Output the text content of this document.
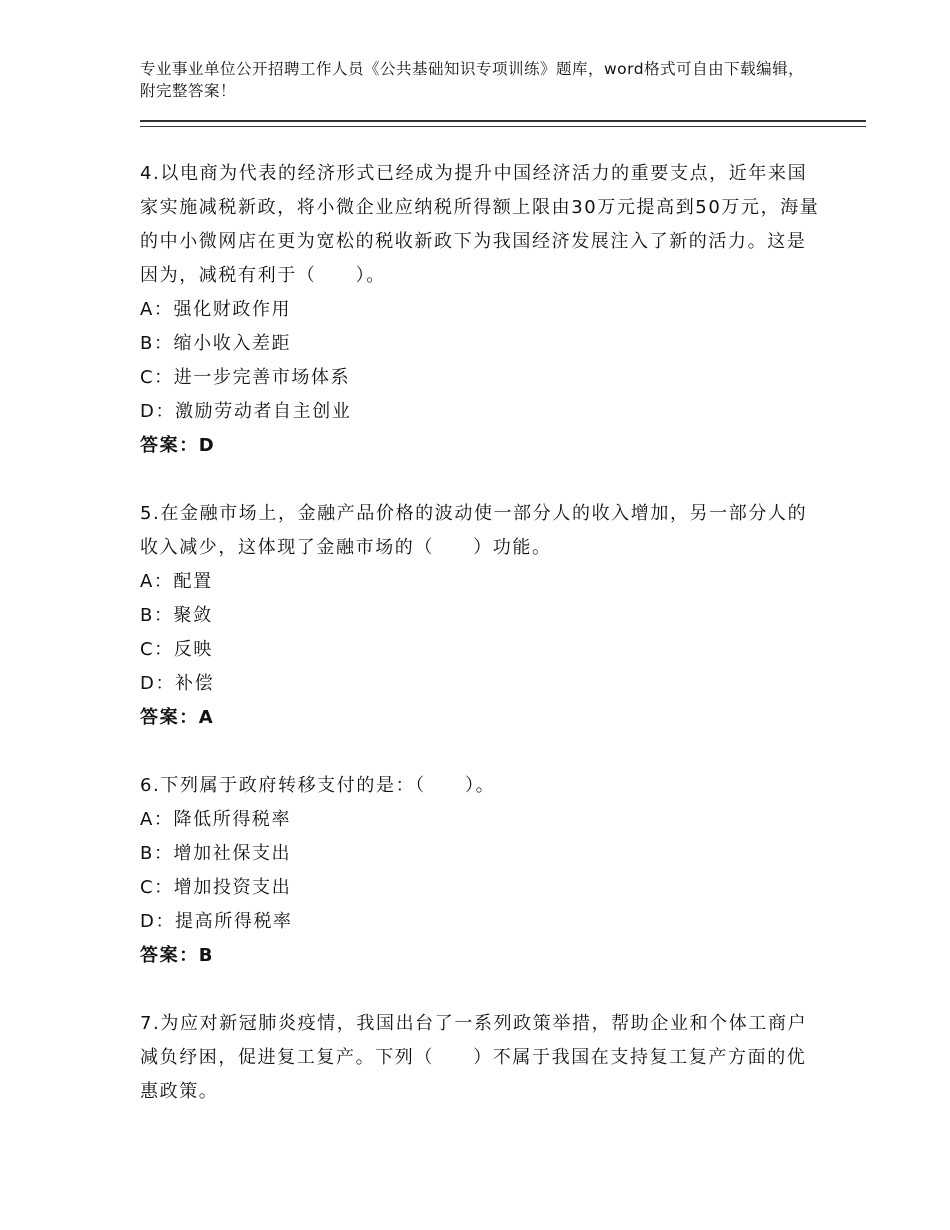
专业事业单位公开招聘工作人员《公共基础知识专项训练》题库，word格式可自由下载编辑，附完整答案！
4.以电商为代表的经济形式已经成为提升中国经济活力的重要支点，近年来国家实施减税新政，将小微企业应纳税所得额上限由30万元提高到50万元，海量的中小微网店在更为宽松的税收新政下为我国经济发展注入了新的活力。这是因为，减税有利于（　　）。
A：强化财政作用
B：缩小收入差距
C：进一步完善市场体系
D：激励劳动者自主创业
答案：D
5.在金融市场上，金融产品价格的波动使一部分人的收入增加，另一部分人的收入减少，这体现了金融市场的（　　）功能。
A：配置
B：聚敛
C：反映
D：补偿
答案：A
6.下列属于政府转移支付的是：（　　）。
A：降低所得税率
B：增加社保支出
C：增加投资支出
D：提高所得税率
答案：B
7.为应对新冠肺炎疫情，我国出台了一系列政策举措，帮助企业和个体工商户减负纾困，促进复工复产。下列（　　）不属于我国在支持复工复产方面的优惠政策。
